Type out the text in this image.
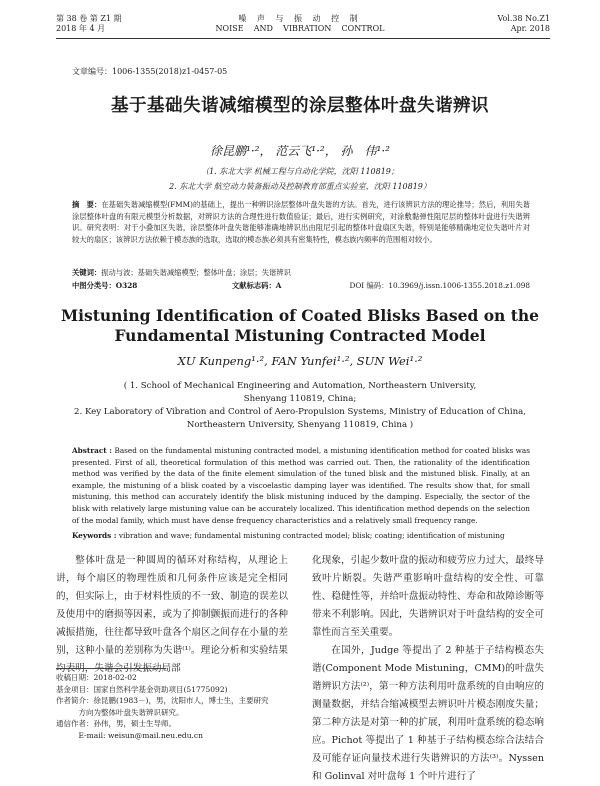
第 38 卷 第 Z1 期
2018 年 4 月
噪 声 与 振 动 控 制
NOISE    AND    VIBRATION    CONTROL
Vol.38 No.Z1
Apr. 2018
文章编号：1006-1355(2018)z1-0457-05
基于基础失谐减缩模型的涂层整体叶盘失谐辨识
徐昆鹏¹·²， 范云飞¹·²， 孙　伟¹·²
（1. 东北大学 机械工程与自动化学院，沈阳 110819；
2. 东北大学 航空动力装备振动及控制教育部重点实验室，沈阳 110819）
摘　要：在基础失谐减缩模型(FMM)的基础上，提出一种辨识涂层整体叶盘失谐的方法。首先，进行该辨识方法的理论推导；然后，利用失谐涂层整体叶盘的有限元模型分析数据，对辨识方法的合理性进行数值验证；最后，进行实例研究，对涂敷黏弹性阻尼层的整体叶盘进行失谐辨识。研究表明：对于小叠加区失谐，涂层整体叶盘失谐能够准确地辨识出由阻尼引起的整体叶盘扇区失谐，特别是能够精确地定位失谐叶片对较大的扇区；该辨识方法依赖于模态族的选取，选取的模态族必须具有密集特性，模态族内频率的范围相对较小。
关键词：振动与波；基础失谐减缩模型；整体叶盘；涂层；失谐辨识
中图分类号：O328	文献标志码：A	DOI 编码：10.3969/j.issn.1006-1355.2018.z1.098
Mistuning Identification of Coated Blisks Based on the
Fundamental Mistuning Contracted Model
XU Kunpeng¹·², FAN Yunfei¹·², SUN Wei¹·²
( 1. School of Mechanical Engineering and Automation, Northeastern University,
Shenyang 110819, China;
2. Key Laboratory of Vibration and Control of Aero-Propulsion Systems, Ministry of Education of China,
Northeastern University, Shenyang 110819, China )
Abstract : Based on the fundamental mistuning contracted model, a mistuning identification method for coated blisks was presented. First of all, theoretical formulation of this method was carried out. Then, the rationality of the identification method was verified by the data of the finite element simulation of the tuned blisk and the mistuned blisk. Finally, at an example, the mistuning of a blisk coated by a viscoelastic damping layer was identified. The results show that, for small mistuning, this method can accurately identify the blisk mistuning induced by the damping. Especially, the sector of the blisk with relatively large mistuning value can be accurately localized. This identification method depends on the selection of the modal family, which must have dense frequency characteristics and a relatively small frequency range.
Keywords : vibration and wave; fundamental mistuning contracted model; blisk; coating; identification of mistuning

整体叶盘是一种圆周的循环对称结构，从理论上讲，每个扇区的物理性质和几何条件应该是完全相同的，但实际上，由于材料性质的不一致、制造的误差以及使用中的磨损等因素，或为了抑制颤振而进行的各种减振措施，往往都导致叶盘各个扇区之间存在小量的差别，这种小量的差别称为失谐⁽¹⁾。理论分析和实验结果均表明，失谐会引发振动局部

收稿日期：2018-02-02
基金项目：国家自然科学基金资助项目(51775092)
作者简介：徐昆鹏(1983－)，男，沈阳市人，博士生，主要研究
方向为整体叶盘失谐辨识研究。
通信作者：孙伟，男，硕士生导师。
E-mail: weisun@mail.neu.edu.cn

化现象，引起少数叶盘的振动和疲劳应力过大，最终导致叶片断裂。失谐严重影响叶盘结构的安全性、可靠性、稳健性等，并给叶盘振动特性、寿命和故障诊断等带来不利影响。因此，失谐辨识对于叶盘结构的安全可靠性而言至关重要。

在国外，Judge 等提出了 2 种基于子结构模态失谐(Component Mode Mistuning，CMM)的叶盘失谐辨识方法⁽²⁾，第一种方法利用叶盘系统的自由响应的测量数据，并结合缩减模型去辨识叶片模态刚度失量；第二种方法是对第一种的扩展，利用叶盘系统的稳态响应。Pichot 等提出了 1 种基于子结构模态综合法结合及可能存证向量技术进行失谐辨识的方法⁽³⁾。Nyssen 和 Golinval 对叶盘每 1 个叶片进行了
